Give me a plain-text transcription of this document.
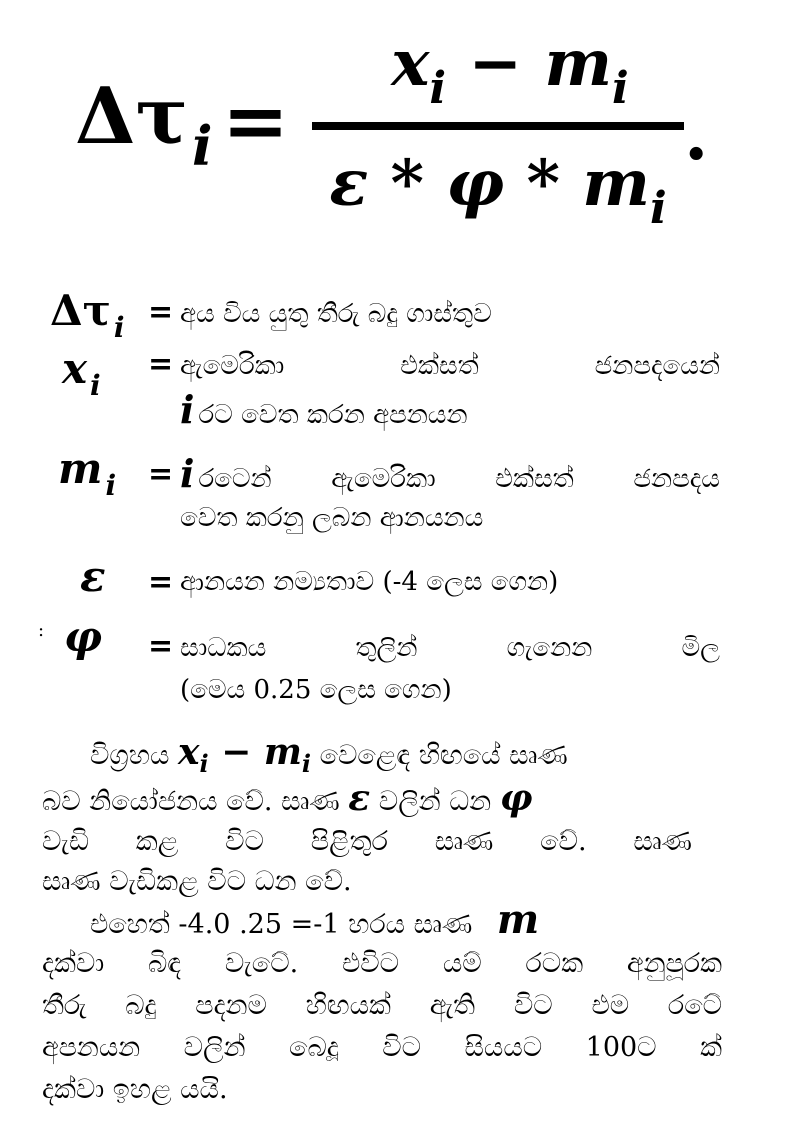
$\Delta\tau_i$ =
$x_i - m_i$
ε * φ * $m_i$
.
Δτ $_i$ = අය විය යුතු තීරු බදු ගාස්තුව
x $_i$
= ඇමෙරිකා එක්සත් ජනපදයෙන්
i රට වෙත කරන අපනයන
m $_i$ = i රටෙන් ඇමෙරිකා එක්සත් ජනපදය
වෙත කරනු ලබන ආනයනය
ε = ආනයන නම්‍යතාව (-4 ලෙස ගෙන)
: φ = සාධකය තුලින් ගැනෙන මිල
(මෙය 0.25 ලෙස ගෙන)
විග්‍රහය $x_i - m_i$ වෙළෙඳ හිඟයේ සෘණ
බව නියෝජනය වේ. සෘණ ε වලින් ධන φ
වැඩි කළ විට පිළිතුර සෘණ වේ. සෘණ
සෘණ වැඩිකළ විට ධන වේ.
එහෙත් -4.0 .25 =-1 හරය සෘණ m
දක්වා බිඳ වැටේ. එවිට යම් රටක අනුපූරක
තීරු බදු පදනම හිඟයක් ඇති විට එම රටේ
අපනයන වලින් බෙදූ විට සියයට 100ට ක්
දක්වා ඉහළ යයි.
